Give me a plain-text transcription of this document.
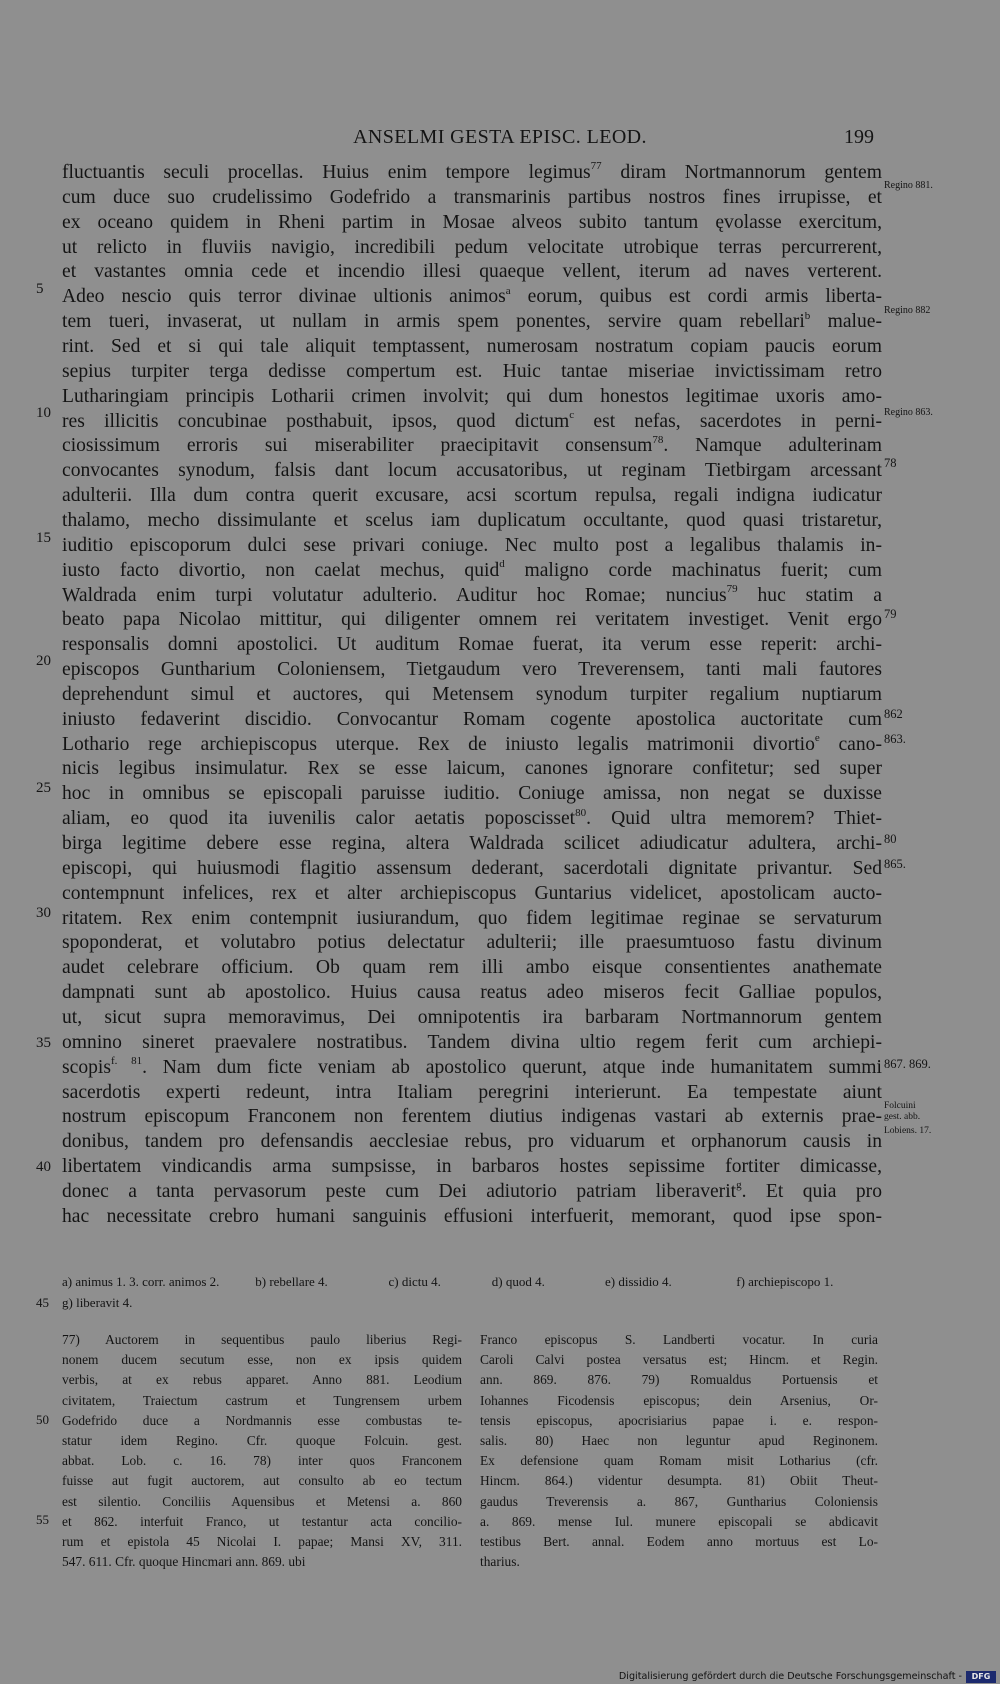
ANSELMI GESTA EPISC. LEOD.	199
fluctuantis seculi procellas. Huius enim tempore legimus$^{77}$ diram Nortmannorum gentem
cum duce suo crudelissimo Godefrido a transmarinis partibus nostros fines irrupisse, et
ex oceano quidem in Rheni partim in Mosae alveos subito tantum ęvolasse exercitum,
ut relicto in fluviis navigio, incredibili pedum velocitate utrobique terras percurrerent,
et vastantes omnia cede et incendio illesi quaeque vellent, iterum ad naves verterent.
Adeo nescio quis terror divinae ultionis animos$^a$ eorum, quibus est cordi armis liberta-
tem tueri, invaserat, ut nullam in armis spem ponentes, servire quam rebellari$^b$ malue-
rint. Sed et si qui tale aliquit temptassent, numerosam nostratum copiam paucis eorum
sepius turpiter terga dedisse compertum est. Huic tantae miseriae invictissimam retro
Lutharingiam principis Lotharii crimen involvit; qui dum honestos legitimae uxoris amo-
res illicitis concubinae posthabuit, ipsos, quod dictum$^c$ est nefas, sacerdotes in perni-
ciosissimum erroris sui miserabiliter praecipitavit consensum$^{78}$. Namque adulterinam
convocantes synodum, falsis dant locum accusatoribus, ut reginam Tietbirgam arcessant
adulterii. Illa dum contra querit excusare, acsi scortum repulsa, regali indigna iudicatur
thalamo, mecho dissimulante et scelus iam duplicatum occultante, quod quasi tristaretur,
iuditio episcoporum dulci sese privari coniuge. Nec multo post a legalibus thalamis in-
iusto facto divortio, non caelat mechus, quid$^d$ maligno corde machinatus fuerit; cum
Waldrada enim turpi volutatur adulterio. Auditur hoc Romae; nuncius$^{79}$ huc statim a
beato papa Nicolao mittitur, qui diligenter omnem rei veritatem investiget. Venit ergo
responsalis domni apostolici. Ut auditum Romae fuerat, ita verum esse reperit: archi-
episcopos Guntharium Coloniensem, Tietgaudum vero Treverensem, tanti mali fautores
deprehendunt simul et auctores, qui Metensem synodum turpiter regalium nuptiarum
iniusto fedaverint discidio. Convocantur Romam cogente apostolica auctoritate cum
Lothario rege archiepiscopus uterque. Rex de iniusto legalis matrimonii divortio$^e$ cano-
nicis legibus insimulatur. Rex se esse laicum, canones ignorare confitetur; sed super
hoc in omnibus se episcopali paruisse iuditio. Coniuge amissa, non negat se duxisse
aliam, eo quod ita iuvenilis calor aetatis poposcisset$^{80}$. Quid ultra memorem? Thiet-
birga legitime debere esse regina, altera Waldrada scilicet adiudicatur adultera, archi-
episcopi, qui huiusmodi flagitio assensum dederant, sacerdotali dignitate privantur. Sed
contempnunt infelices, rex et alter archiepiscopus Guntarius videlicet, apostolicam aucto-
ritatem. Rex enim contempnit iusiurandum, quo fidem legitimae reginae se servaturum
spoponderat, et volutabro potius delectatur adulterii; ille praesumtuoso fastu divinum
audet celebrare officium. Ob quam rem illi ambo eisque consentientes anathemate
dampnati sunt ab apostolico. Huius causa reatus adeo miseros fecit Galliae populos,
ut, sicut supra memoravimus, Dei omnipotentis ira barbaram Nortmannorum gentem
omnino sineret praevalere nostratibus. Tandem divina ultio regem ferit cum archiepi-
scopis$^{f. 81}$. Nam dum ficte veniam ab apostolico querunt, atque inde humanitatem summi
sacerdotis experti redeunt, intra Italiam peregrini interierunt. Ea tempestate aiunt
nostrum episcopum Franconem non ferentem diutius indigenas vastari ab externis prae-
donibus, tandem pro defensandis aecclesiae rebus, pro viduarum et orphanorum causis in
libertatem vindicandis arma sumpsisse, in barbaros hostes sepissime fortiter dimicasse,
donec a tanta pervasorum peste cum Dei adiutorio patriam liberaverit$^g$. Et quia pro
hac necessitate crebro humani sanguinis effusioni interfuerit, memorant, quod ipse spon-
5
10
15
20
25
30
35
40
Regino 881.
Regino 882
Regino 863.
78
79
862
863.
80
865.
867. 869.
Folcuini
gest. abb.
Lobiens. 17.
a) animus 1. 3. corr. animos 2.	b) rebellare 4.	c) dictu 4.	d) quod 4.	e) dissidio 4.	f) archiepiscopo 1.
g) liberavit 4.
45
77) Auctorem in sequentibus paulo liberius Regi-
nonem ducem secutum esse, non ex ipsis quidem
verbis, at ex rebus apparet. Anno 881. Leodium
civitatem, Traiectum castrum et Tungrensem urbem
Godefrido duce a Nordmannis esse combustas te-
statur idem Regino. Cfr. quoque Folcuin. gest.
abbat. Lob. c. 16. 78) inter quos Franconem
fuisse aut fugit auctorem, aut consulto ab eo tectum
est silentio. Conciliis Aquensibus et Metensi a. 860
et 862. interfuit Franco, ut testantur acta concilio-
rum et epistola 45 Nicolai I. papae; Mansi XV, 311.
547. 611. Cfr. quoque Hincmari ann. 869. ubi
Franco episcopus S. Landberti vocatur. In curia
Caroli Calvi postea versatus est; Hincm. et Regin.
ann. 869. 876. 79) Romualdus Portuensis et
Iohannes Ficodensis episcopus; dein Arsenius, Or-
tensis episcopus, apocrisiarius papae i. e. respon-
salis. 80) Haec non leguntur apud Reginonem.
Ex defensione quam Romam misit Lotharius (cfr.
Hincm. 864.) videntur desumpta. 81) Obiit Theut-
gaudus Treverensis a. 867, Guntharius Coloniensis
a. 869. mense Iul. munere episcopali se abdicavit
testibus Bert. annal. Eodem anno mortuus est Lo-
tharius.
50
55
Digitalisierung gefördert durch die Deutsche Forschungsgemeinschaft -	DFG
